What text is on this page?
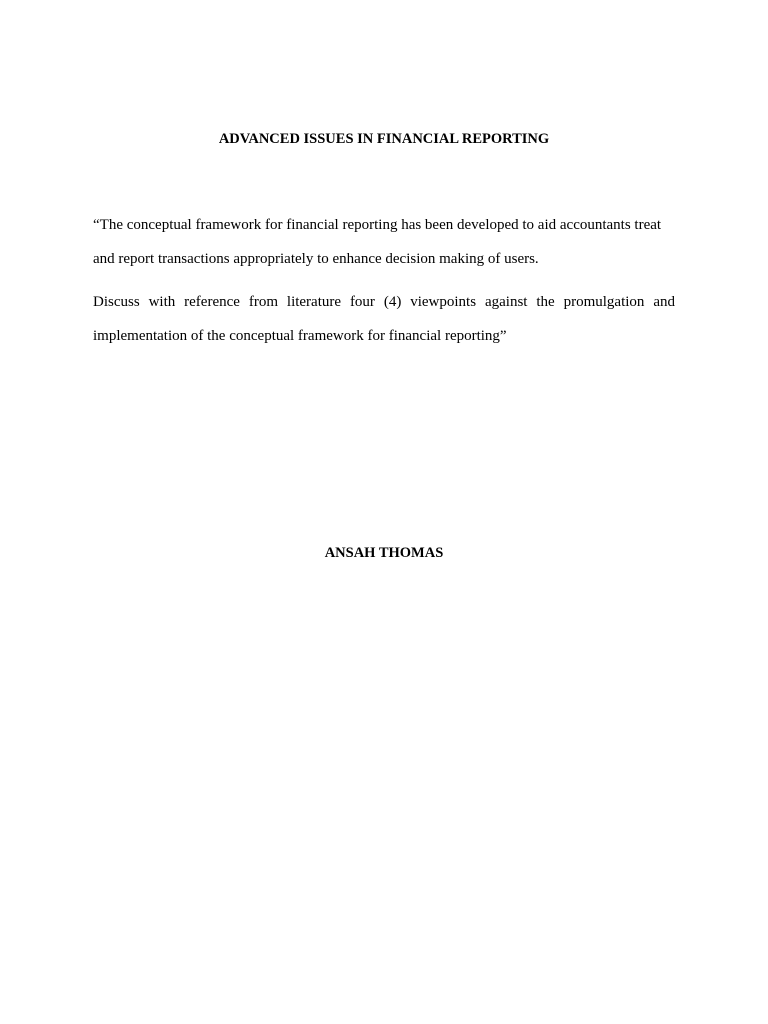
ADVANCED ISSUES IN FINANCIAL REPORTING

“The conceptual framework for financial reporting has been developed to aid accountants treat and report transactions appropriately to enhance decision making of users.

Discuss with reference from literature four (4) viewpoints against the promulgation and implementation of the conceptual framework for financial reporting”

ANSAH THOMAS
